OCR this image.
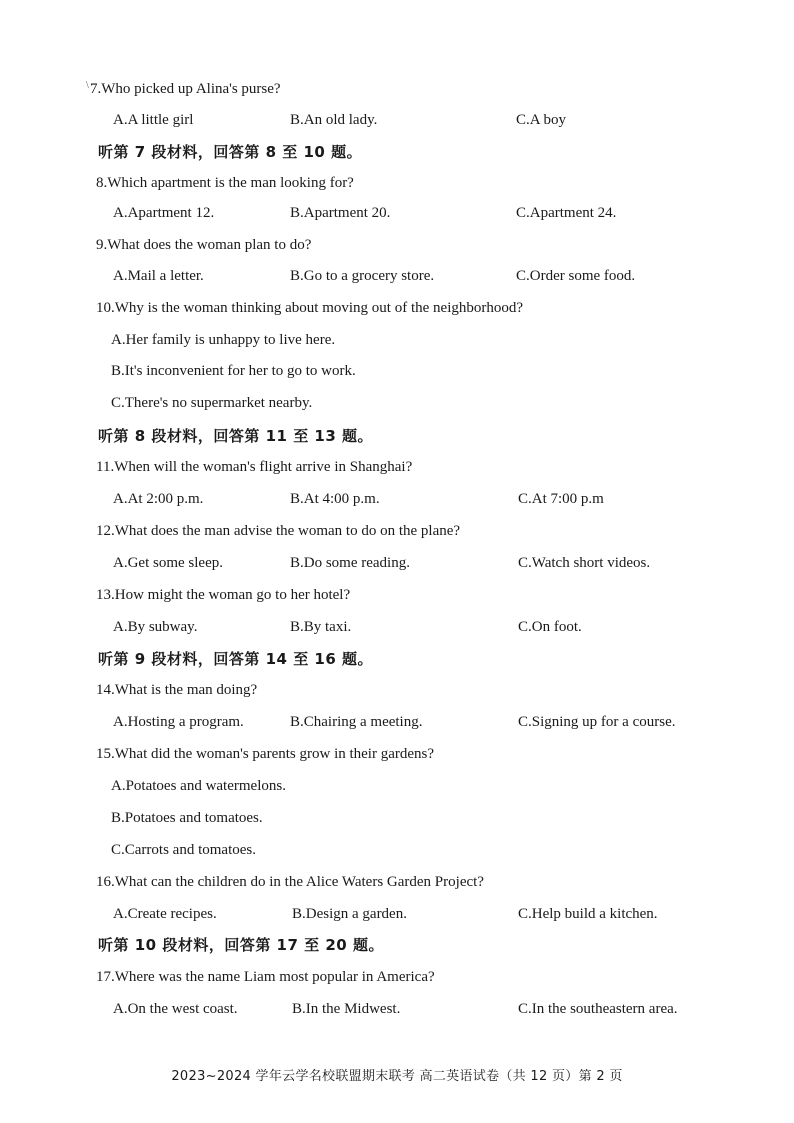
\ 7.Who picked up Alina's purse?
A.A little girl	B.An old lady.	C.A boy
听第 7 段材料，回答第 8 至 10 题。
8.Which apartment is the man looking for?
A.Apartment 12.	B.Apartment 20.	C.Apartment 24.
9.What does the woman plan to do?
A.Mail a letter.	B.Go to a grocery store.	C.Order some food.
10.Why is the woman thinking about moving out of the neighborhood?
A.Her family is unhappy to live here.
B.It's inconvenient for her to go to work.
C.There's no supermarket nearby.
听第 8 段材料，回答第 11 至 13 题。
11.When will the woman's flight arrive in Shanghai?
A.At 2:00 p.m.	B.At 4:00 p.m.	C.At 7:00 p.m
12.What does the man advise the woman to do on the plane?
A.Get some sleep.	B.Do some reading.	C.Watch short videos.
13.How might the woman go to her hotel?
A.By subway.	B.By taxi.	C.On foot.
听第 9 段材料，回答第 14 至 16 题。
14.What is the man doing?
A.Hosting a program.	B.Chairing a meeting.	C.Signing up for a course.
15.What did the woman's parents grow in their gardens?
A.Potatoes and watermelons.
B.Potatoes and tomatoes.
C.Carrots and tomatoes.
16.What can the children do in the Alice Waters Garden Project?
A.Create recipes.	B.Design a garden.	C.Help build a kitchen.
听第 10 段材料，回答第 17 至 20 题。
17.Where was the name Liam most popular in America?
A.On the west coast.	B.In the Midwest.	C.In the southeastern area.
2023~2024 学年云学名校联盟期末联考 高二英语试卷（共 12 页）第 2 页
